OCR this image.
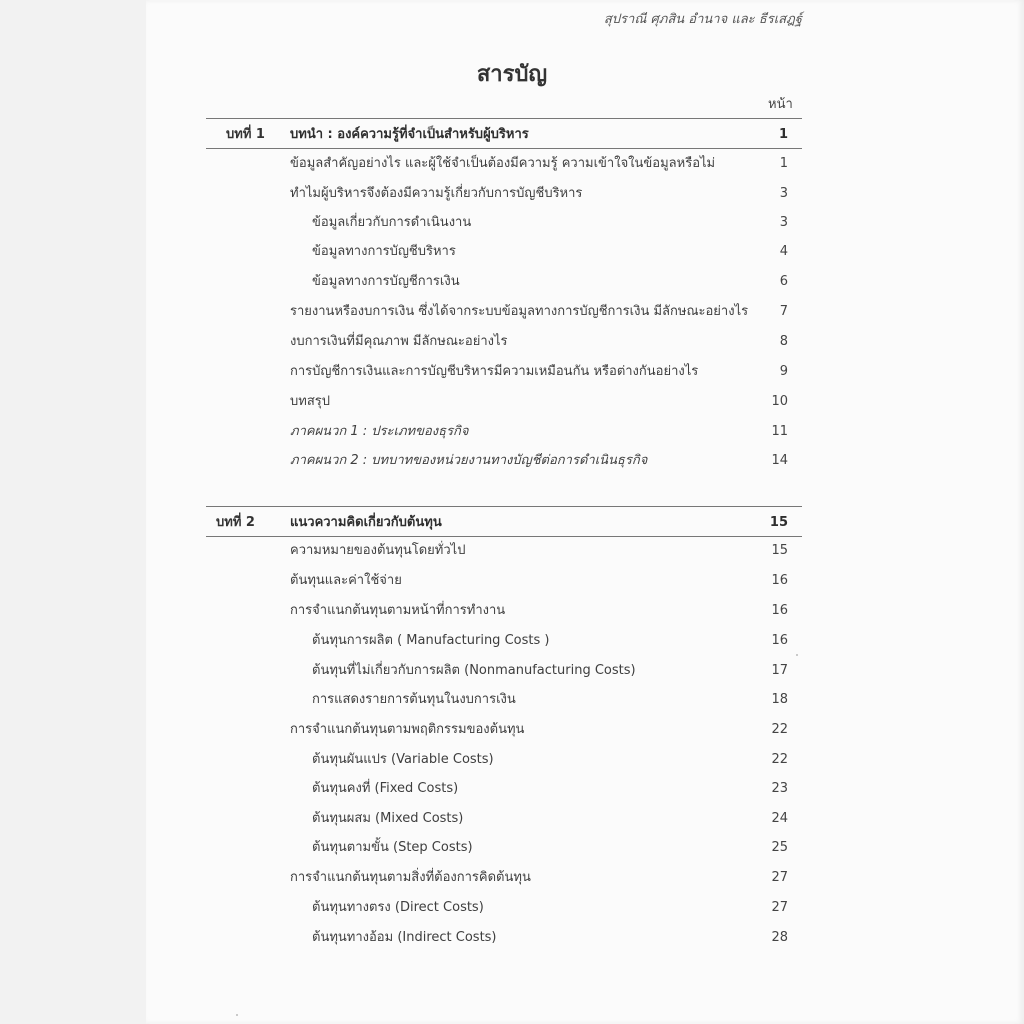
สุปราณี ศุภสิน อำนาจ และ ธีรเสฎฐ์
สารบัญ
หน้า
บทที่ 1 บทนำ : องค์ความรู้ที่จำเป็นสำหรับผู้บริหาร	1
ข้อมูลสำคัญอย่างไร และผู้ใช้จำเป็นต้องมีความรู้ ความเข้าใจในข้อมูลหรือไม่	1
ทำไมผู้บริหารจึงต้องมีความรู้เกี่ยวกับการบัญชีบริหาร	3
ข้อมูลเกี่ยวกับการดำเนินงาน	3
ข้อมูลทางการบัญชีบริหาร	4
ข้อมูลทางการบัญชีการเงิน	6
รายงานหรืองบการเงิน ซึ่งได้จากระบบข้อมูลทางการบัญชีการเงิน มีลักษณะอย่างไร 7
งบการเงินที่มีคุณภาพ มีลักษณะอย่างไร	8
การบัญชีการเงินและการบัญชีบริหารมีความเหมือนกัน หรือต่างกันอย่างไร	9
บทสรุป	10
ภาคผนวก 1 : ประเภทของธุรกิจ	11
ภาคผนวก 2 : บทบาทของหน่วยงานทางบัญชีต่อการดำเนินธุรกิจ	14
บทที่ 2	แนวความคิดเกี่ยวกับต้นทุน	15
ความหมายของต้นทุนโดยทั่วไป	15
ต้นทุนและค่าใช้จ่าย	16
การจำแนกต้นทุนตามหน้าที่การทำงาน	16
ต้นทุนการผลิต ( Manufacturing Costs )	16
ต้นทุนที่ไม่เกี่ยวกับการผลิต (Nonmanufacturing Costs)	17
การแสดงรายการต้นทุนในงบการเงิน	18
การจำแนกต้นทุนตามพฤติกรรมของต้นทุน	22
ต้นทุนผันแปร (Variable Costs)	22
ต้นทุนคงที่ (Fixed Costs)	23
ต้นทุนผสม (Mixed Costs)	24
ต้นทุนตามขั้น (Step Costs)	25
การจำแนกต้นทุนตามสิ่งที่ต้องการคิดต้นทุน	27
ต้นทุนทางตรง (Direct Costs)	27
ต้นทุนทางอ้อม (Indirect Costs)	28
